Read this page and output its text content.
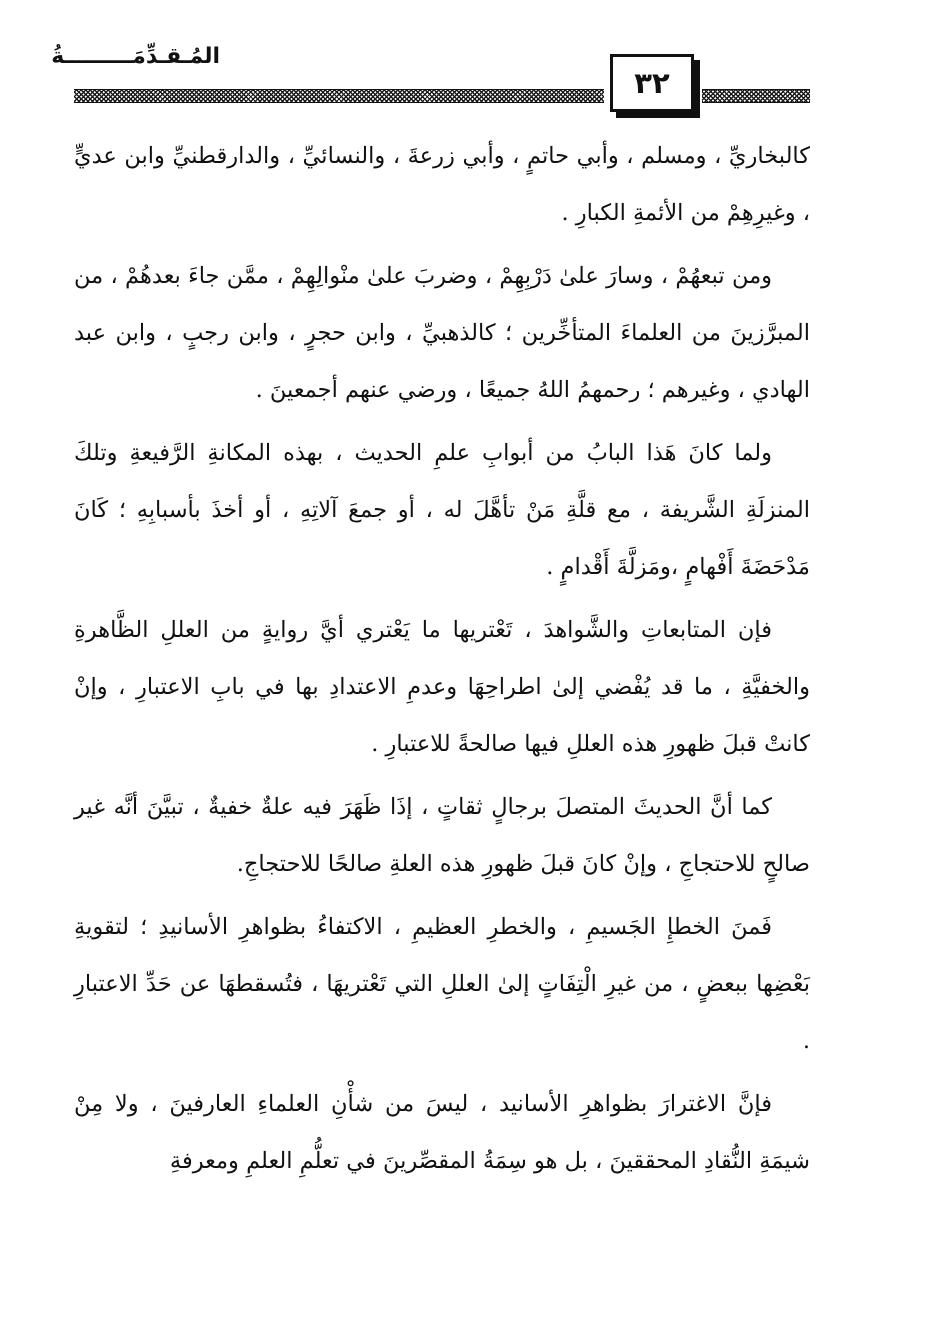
المُـقـدِّمَـــــــــةُ
٣٢

كالبخاريِّ ، ومسلم ، وأبي حاتمٍ ، وأبي زرعةَ ، والنسائيِّ ، والدارقطنيِّ وابن عديٍّ ، وغيرِهِمْ من الأئمةِ الكبارِ .

ومن تبعهُمْ ، وسارَ علىٰ دَرْبِهِمْ ، وضربَ علىٰ منْوالِهِمْ ، ممَّن جاءَ بعدهُمْ ، من المبرَّزينَ من العلماءَ المتأخِّرين ؛ كالذهبيِّ ، وابن حجرٍ ، وابن رجبٍ ، وابن عبد الهادي ، وغيرهم ؛ رحمهمُ اللهُ جميعًا ، ورضي عنهم أجمعينَ .

ولما كانَ هَذا البابُ من أبوابِ علمِ الحديث ، بهذه المكانةِ الرَّفيعةِ وتلكَ المنزلَةِ الشَّريفة ، مع قلَّةِ مَنْ تأهَّلَ له ، أو جمعَ آلاتِهِ ، أو أخذَ بأسبابِهِ ؛ كَانَ مَدْحَضَةَ أَفْهامٍ ،ومَزلَّةَ أَقْدامٍ .

فإن المتابعاتِ والشَّواهدَ ، تَعْتريها ما يَعْتري أيَّ روايةٍ من العللِ الظَّاهرةِ والخفيَّةِ ، ما قد يُفْضي إلىٰ اطراحِهَا وعدمِ الاعتدادِ بها في بابِ الاعتبارِ ، وإنْ كانتْ قبلَ ظهورِ هذه العللِ فيها صالحةً للاعتبارِ .

كما أنَّ الحديثَ المتصلَ برجالٍ ثقاتٍ ، إذَا ظَهَرَ فيه علةٌ خفيةٌ ، تبيَّنَ أنَّه غير صالحٍ للاحتجاجِ ، وإنْ كانَ قبلَ ظهورِ هذه العلةِ صالحًا للاحتجاجِ.

فَمنَ الخطإِ الجَسيمِ ، والخطرِ العظيمِ ، الاكتفاءُ بظواهرِ الأسانيدِ ؛ لتقويةِ بَعْضِها ببعضٍ ، من غيرِ الْتِفَاتٍ إلىٰ العللِ التي تَعْتريهَا ، فتُسقطهَا عن حَدِّ الاعتبارِ .

فإنَّ الاغترارَ بظواهرِ الأسانيد ، ليسَ من شأْنِ العلماءِ العارفينَ ، ولا مِنْ شيمَةِ النُّقادِ المحققينَ ، بل هو سِمَةُ المقصِّرينَ في تعلُّمِ العلمِ ومعرفةِ
